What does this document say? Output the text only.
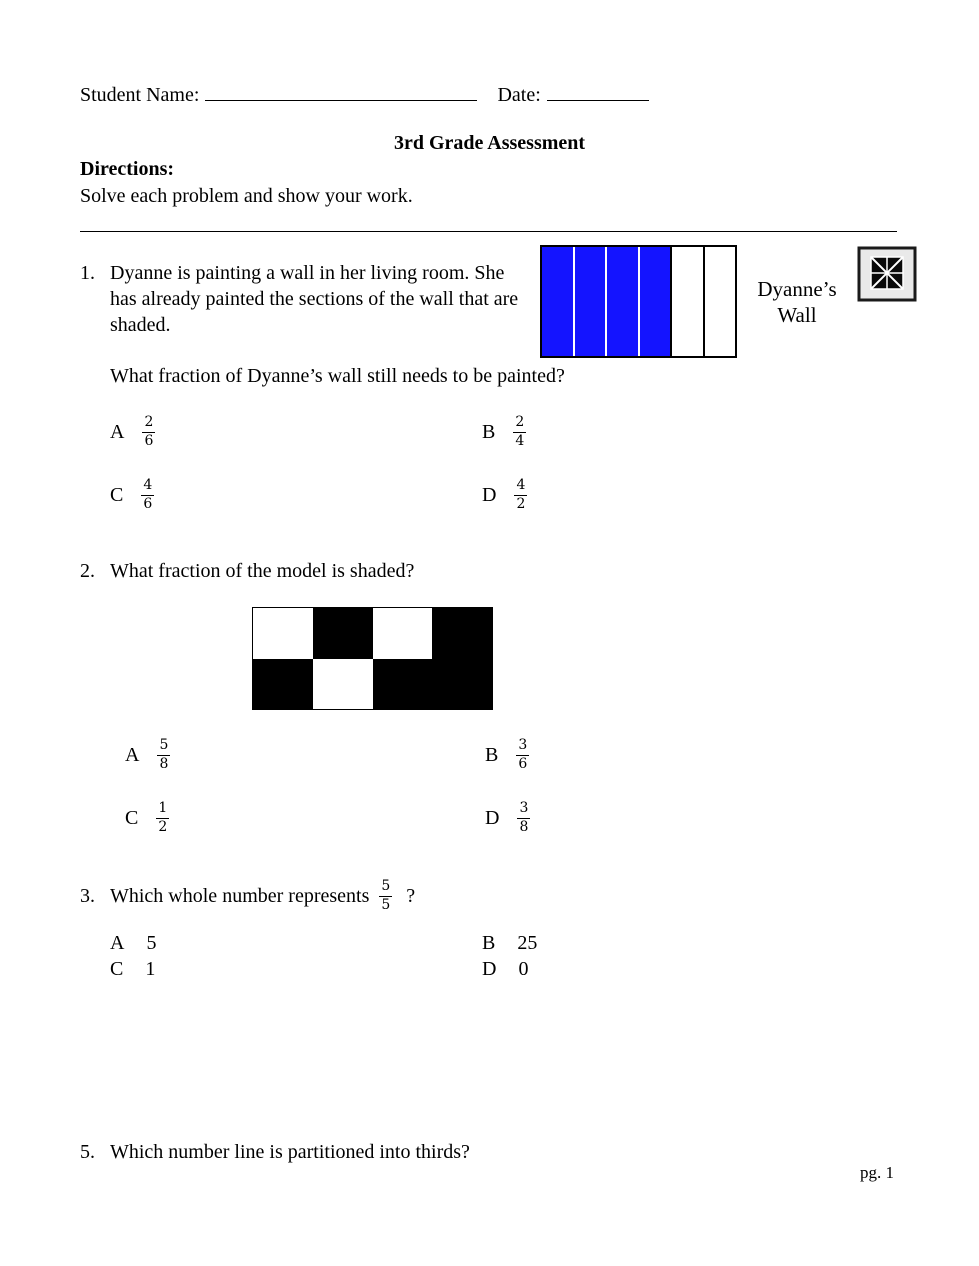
Student Name:	Date:
3rd Grade Assessment
Directions:
Solve each problem and show your work.
1. Dyanne is painting a wall in her living room. She has already painted the sections of the wall that are shaded.
Dyanne’s Wall
What fraction of Dyanne’s wall still needs to be painted?
A $\frac{2}{6}$	B $\frac{2}{4}$
C $\frac{4}{6}$	D $\frac{4}{2}$
2. What fraction of the model is shaded?
A $\frac{5}{8}$	B $\frac{3}{6}$
C $\frac{1}{2}$	D $\frac{3}{8}$
3. Which whole number represents $\frac{5}{5}$ ?
A 5	B 25
C 1	D 0
5. Which number line is partitioned into thirds?
pg. 1
